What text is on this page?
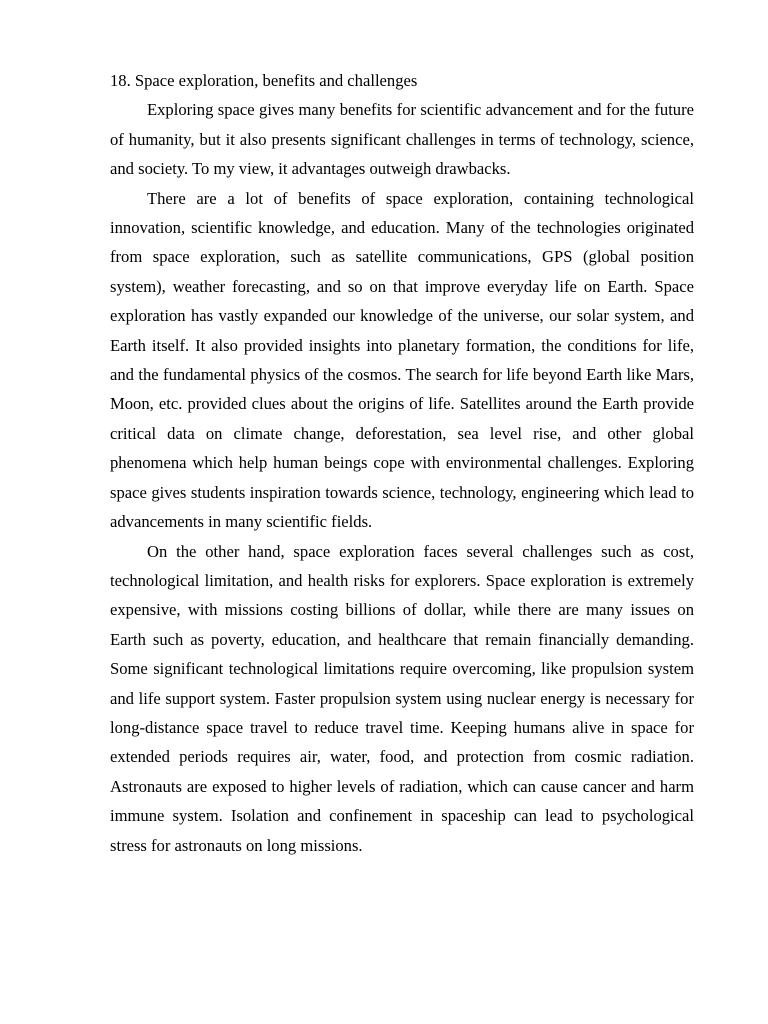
18. Space exploration, benefits and challenges

Exploring space gives many benefits for scientific advancement and for the future of humanity, but it also presents significant challenges in terms of technology, science, and society. To my view, it advantages outweigh drawbacks.

There are a lot of benefits of space exploration, containing technological innovation, scientific knowledge, and education. Many of the technologies originated from space exploration, such as satellite communications, GPS (global position system), weather forecasting, and so on that improve everyday life on Earth. Space exploration has vastly expanded our knowledge of the universe, our solar system, and Earth itself. It also provided insights into planetary formation, the conditions for life, and the fundamental physics of the cosmos. The search for life beyond Earth like Mars, Moon, etc. provided clues about the origins of life. Satellites around the Earth provide critical data on climate change, deforestation, sea level rise, and other global phenomena which help human beings cope with environmental challenges. Exploring space gives students inspiration towards science, technology, engineering which lead to advancements in many scientific fields.

On the other hand, space exploration faces several challenges such as cost, technological limitation, and health risks for explorers. Space exploration is extremely expensive, with missions costing billions of dollar, while there are many issues on Earth such as poverty, education, and healthcare that remain financially demanding. Some significant technological limitations require overcoming, like propulsion system and life support system. Faster propulsion system using nuclear energy is necessary for long-distance space travel to reduce travel time. Keeping humans alive in space for extended periods requires air, water, food, and protection from cosmic radiation. Astronauts are exposed to higher levels of radiation, which can cause cancer and harm immune system. Isolation and confinement in spaceship can lead to psychological stress for astronauts on long missions.
